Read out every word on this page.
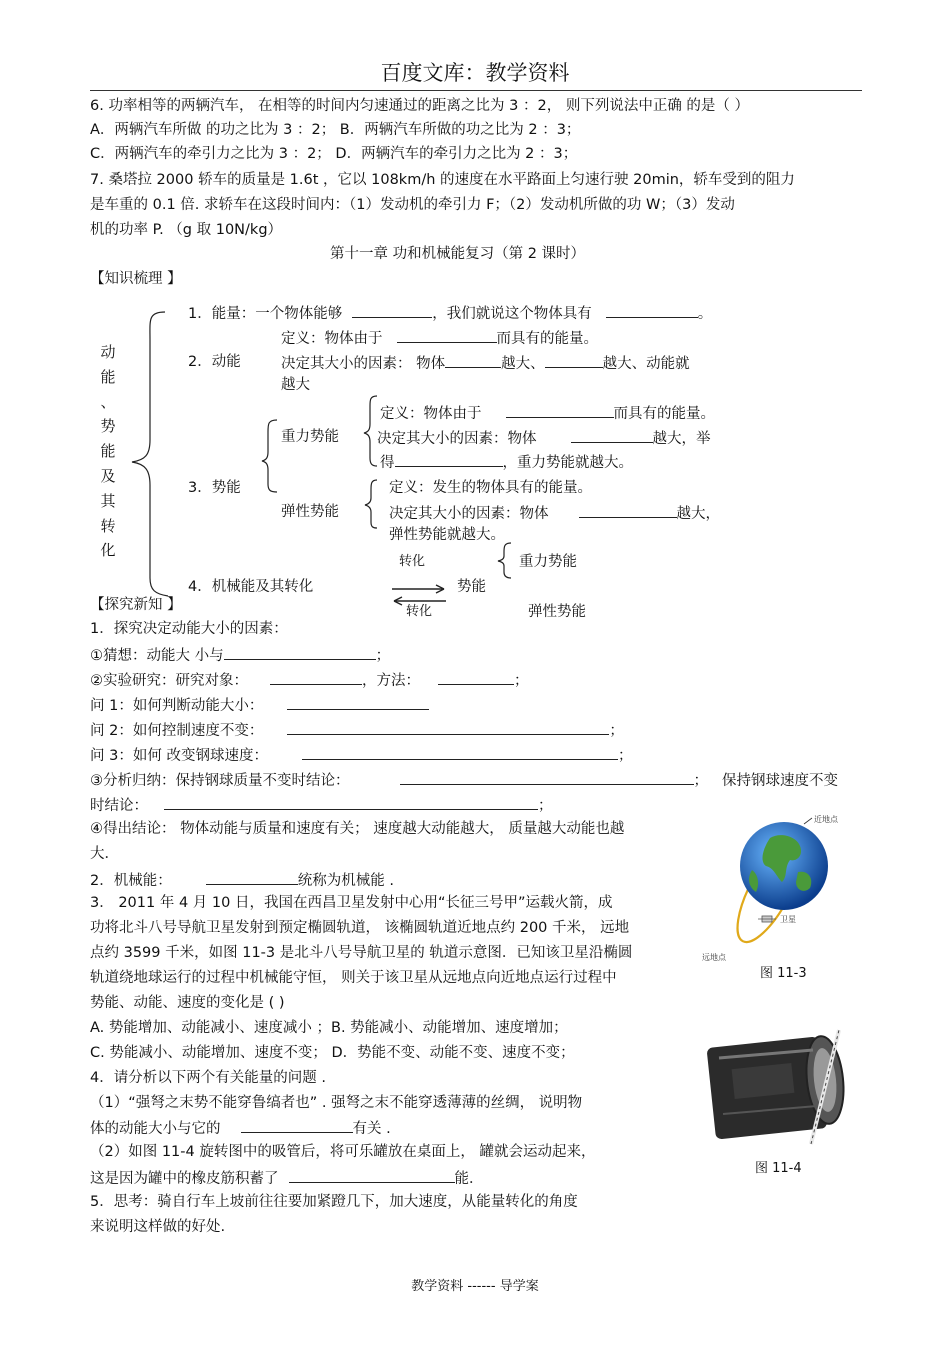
百度文库：教学资料
6. 功率相等的两辆汽车， 在相等的时间内匀速通过的距离之比为 3 ：2， 则下列说法中正确 的是（ ）
A．两辆汽车所做 的功之比为 3 ：2； B．两辆汽车所做的功之比为 2 ：3；
C．两辆汽车的牵引力之比为 3 ：2； D．两辆汽车的牵引力之比为 2 ：3；
7. 桑塔拉 2000 轿车的质量是 1.6t ，它以 108km/h 的速度在水平路面上匀速行驶 20min，轿车受到的阻力
是车重的 0.1 倍. 求轿车在这段时间内：（1）发动机的牵引力 F；（2）发动机所做的功 W；（3）发动
机的功率 P. （g 取 10N/kg）
第十一章 功和机械能复习（第 2 课时）
【知识梳理 】
动
能
、
势
能
及
其
转
化
1．能量：一个物体能够	，我们就说这个物体具有	。
定义：物体由于	而具有的能量。
2．动能	决定其大小的因素： 物体	越大、	越大、动能就
越大
定义：物体由于	而具有的能量。
重力势能	决定其大小的因素：物体	越大，举
得	，重力势能就越大。
3．势能	定义：发生的物体具有的能量。
弹性势能	决定其大小的因素：物体	越大，
弹性势能就越大。
转化	重力势能
4．机械能及其转化	势能
转化	弹性势能
【探究新知 】
1．探究决定动能大小的因素：
①猜想：动能大 小与	；
②实验研究：研究对象：	，方法：	；
问 1：如何判断动能大小：
问 2：如何控制速度不变：	；
问 3：如何 改变钢球速度：	；
③分析归纳：保持钢球质量不变时结论：	； 保持钢球速度不变
时结论：	；
④得出结论： 物体动能与质量和速度有关； 速度越大动能越大， 质量越大动能也越
大．
2．机械能：	统称为机械能 .
3． 2011 年 4 月 10 日，我国在西昌卫星发射中心用“长征三号甲”运载火箭，成
功将北斗八号导航卫星发射到预定椭圆轨道， 该椭圆轨道近地点约 200 千米， 远地
点约 3599 千米，如图 11-3 是北斗八号导航卫星的 轨道示意图．已知该卫星沿椭圆
轨道绕地球运行的过程中机械能守恒， 则关于该卫星从远地点向近地点运行过程中
势能、动能、速度的变化是 ( )
A. 势能增加、动能减小、速度减小 ；B. 势能减小、动能增加、速度增加；
C. 势能减小、动能增加、速度不变； D．势能不变、动能不变、速度不变；
4．请分析以下两个有关能量的问题 .
（1）“强弩之末势不能穿鲁缟者也” . 强弩之末不能穿透薄薄的丝绸， 说明物
体的动能大小与它的	有关 .
（2）如图 11-4 旋转图中的吸管后，将可乐罐放在桌面上， 罐就会运动起来，
这是因为罐中的橡皮筋积蓄了	能．
5．思考：骑自行车上坡前往往要加紧蹬几下，加大速度，从能量转化的角度
来说明这样做的好处.
近地点
卫星
远地点
图 11-3
图 11-4
教学资料 ------ 导学案
